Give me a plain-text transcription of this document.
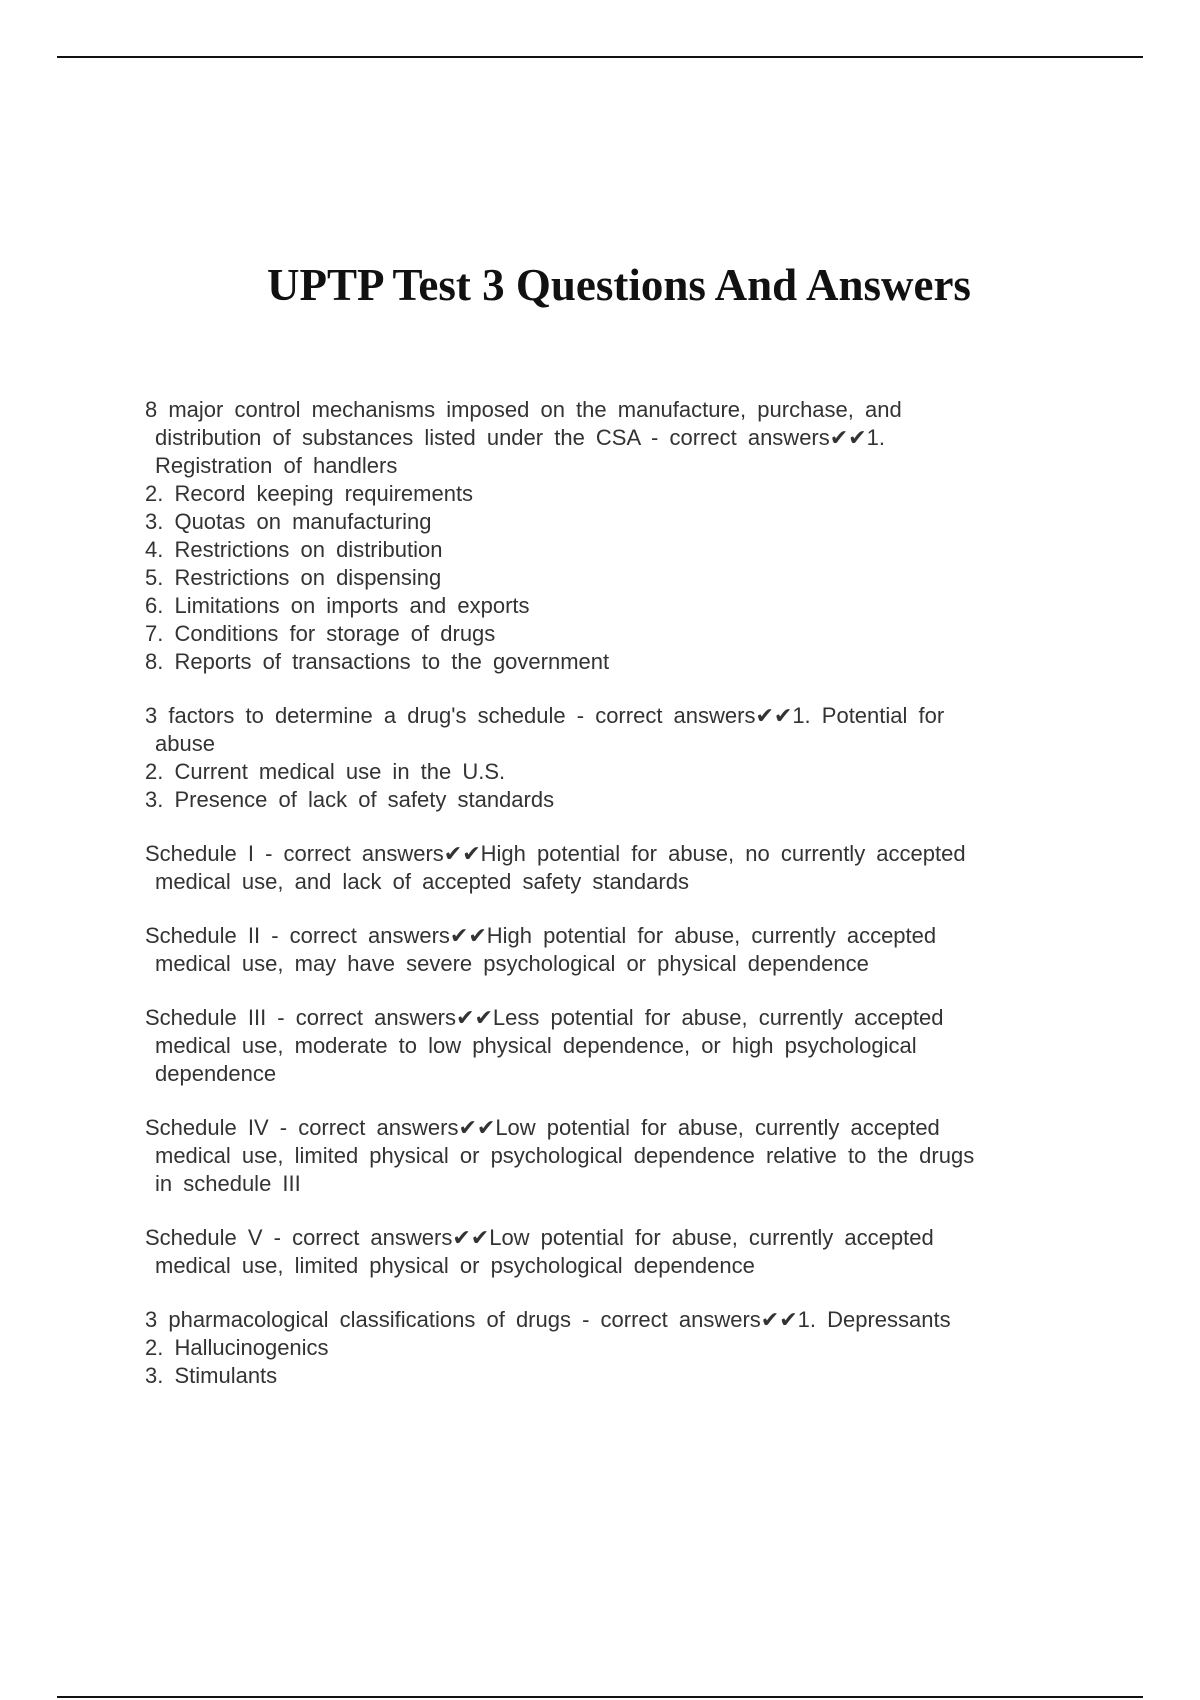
UPTP Test 3 Questions And Answers
8 major control mechanisms imposed on the manufacture, purchase, and
distribution of substances listed under the CSA - correct answers✔✔1.
Registration of handlers
2. Record keeping requirements
3. Quotas on manufacturing
4. Restrictions on distribution
5. Restrictions on dispensing
6. Limitations on imports and exports
7. Conditions for storage of drugs
8. Reports of transactions to the government
3 factors to determine a drug's schedule - correct answers✔✔1. Potential for
abuse
2. Current medical use in the U.S.
3. Presence of lack of safety standards
Schedule I - correct answers✔✔High potential for abuse, no currently accepted
medical use, and lack of accepted safety standards
Schedule II - correct answers✔✔High potential for abuse, currently accepted
medical use, may have severe psychological or physical dependence
Schedule III - correct answers✔✔Less potential for abuse, currently accepted
medical use, moderate to low physical dependence, or high psychological
dependence
Schedule IV - correct answers✔✔Low potential for abuse, currently accepted
medical use, limited physical or psychological dependence relative to the drugs
in schedule III
Schedule V - correct answers✔✔Low potential for abuse, currently accepted
medical use, limited physical or psychological dependence
3 pharmacological classifications of drugs - correct answers✔✔1. Depressants
2. Hallucinogenics
3. Stimulants
